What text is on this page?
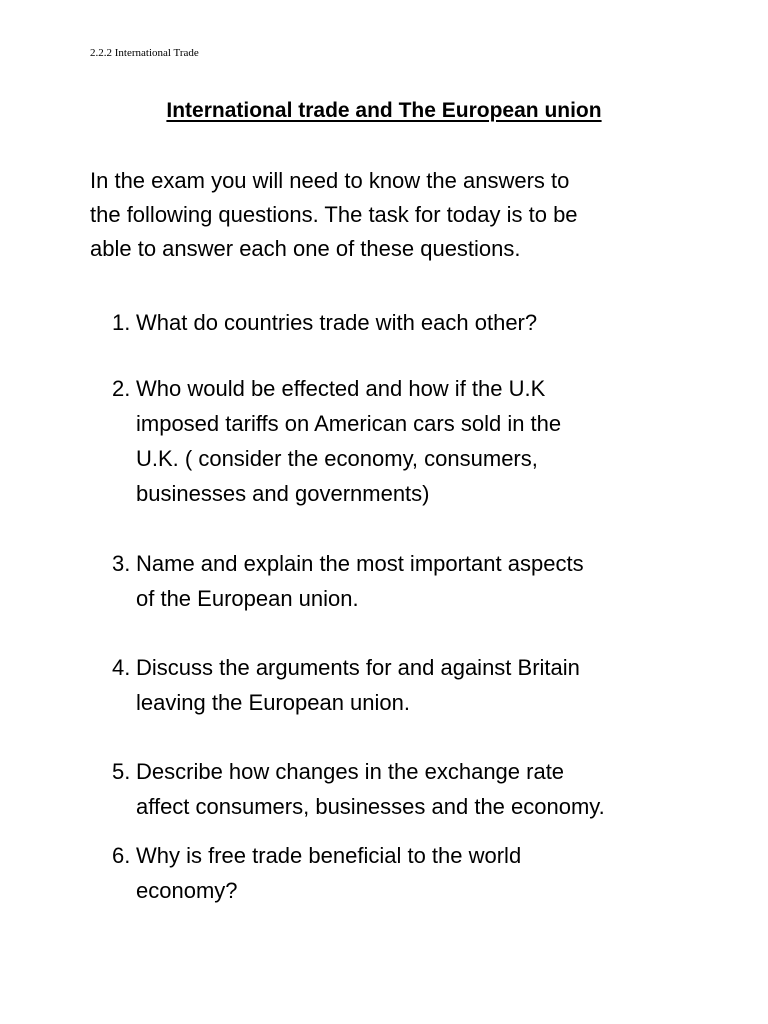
2.2.2 International Trade
International trade and The European union
In the exam you will need to know the answers to
the following questions. The task for today is to be
able to answer each one of these questions.
1. What do countries trade with each other?
2. Who would be effected and how if the U.K
imposed tariffs on American cars sold in the
U.K. ( consider the economy, consumers,
businesses and governments)
3. Name and explain the most important aspects
of the European union.
4. Discuss the arguments for and against Britain
leaving the European union.
5. Describe how changes in the exchange rate
affect consumers, businesses and the economy.
6. Why is free trade beneficial to the world
economy?
